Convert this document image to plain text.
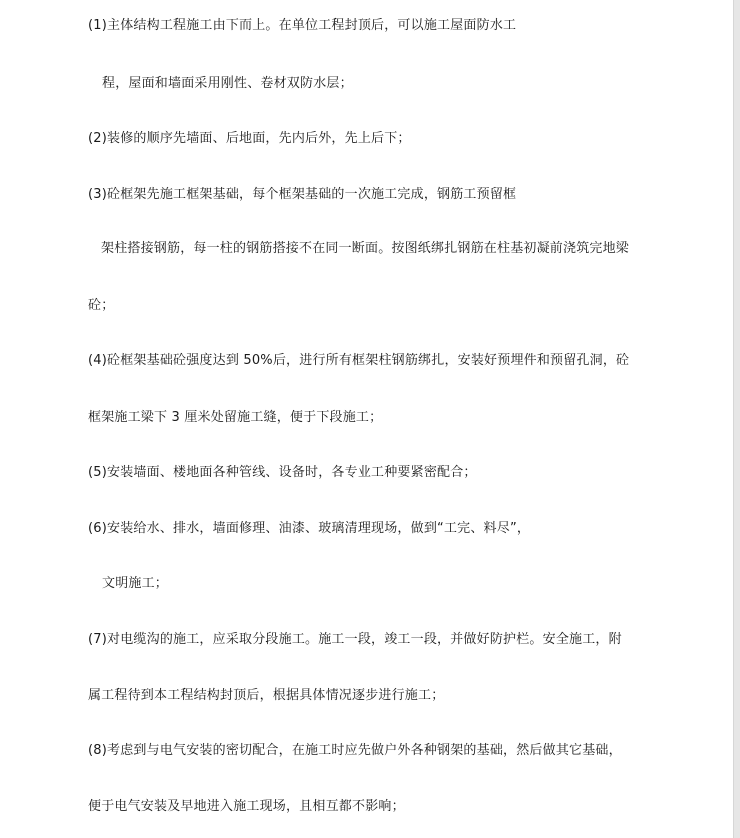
(1)主体结构工程施工由下而上。在单位工程封顶后，可以施工屋面防水工
程，屋面和墙面采用刚性、卷材双防水层；
(2)装修的顺序先墙面、后地面，先内后外，先上后下；
(3)砼框架先施工框架基础，每个框架基础的一次施工完成，钢筋工预留框
架柱搭接钢筋，每一柱的钢筋搭接不在同一断面。按图纸绑扎钢筋在柱基初凝前浇筑完地梁
砼；
(4)砼框架基础砼强度达到 50%后，进行所有框架柱钢筋绑扎，安装好预埋件和预留孔洞，砼
框架施工梁下 3 厘米处留施工缝，便于下段施工；
(5)安装墙面、楼地面各种管线、设备时，各专业工种要紧密配合；
(6)安装给水、排水，墙面修理、油漆、玻璃清理现场，做到“工完、料尽”，
文明施工；
(7)对电缆沟的施工，应采取分段施工。施工一段，竣工一段，并做好防护栏。安全施工，附
属工程待到本工程结构封顶后，根据具体情况逐步进行施工；
(8)考虑到与电气安装的密切配合，在施工时应先做户外各种钢架的基础，然后做其它基础，
便于电气安装及早地进入施工现场，且相互都不影响；
